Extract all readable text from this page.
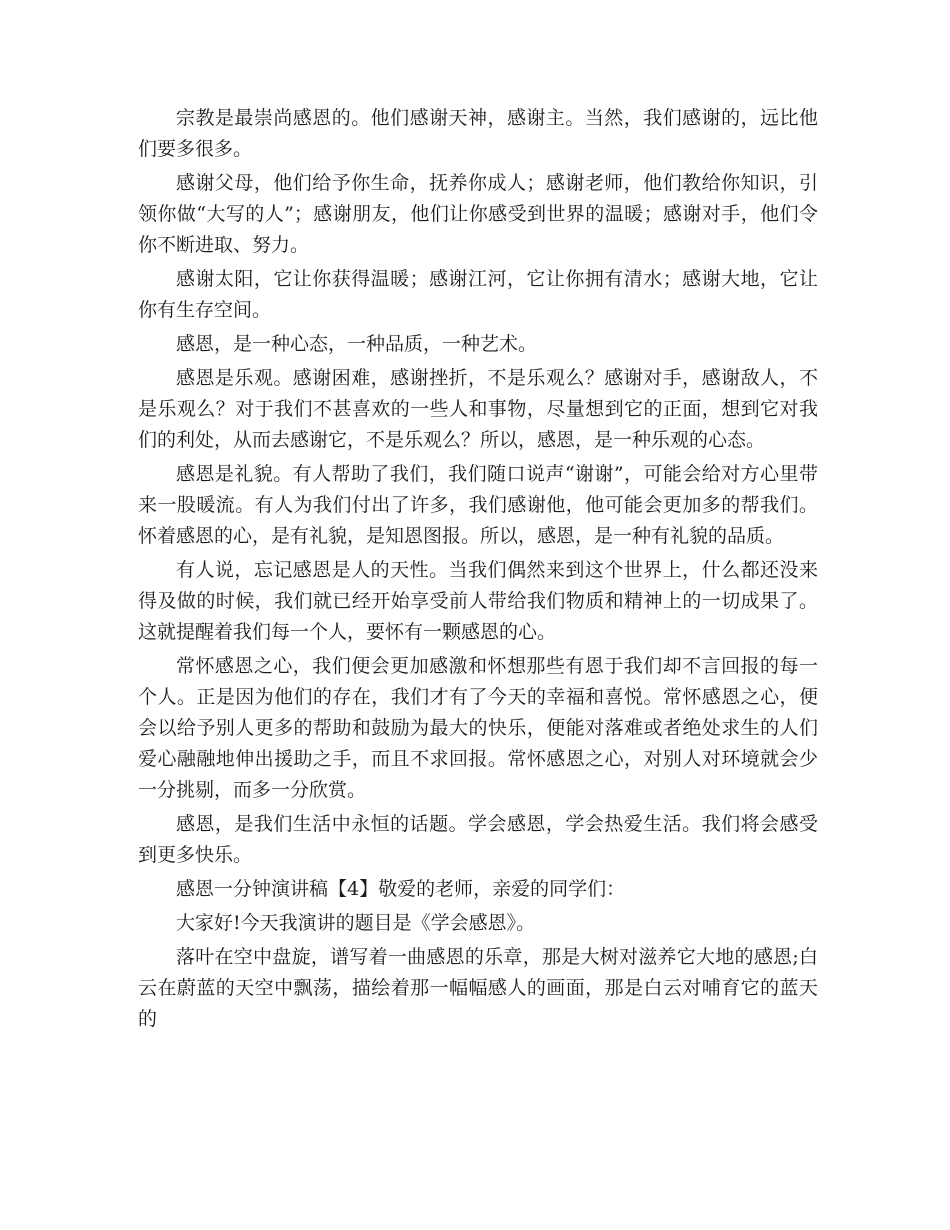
宗教是最崇尚感恩的。他们感谢天神，感谢主。当然，我们感谢的，远比他们要多很多。

感谢父母，他们给予你生命，抚养你成人；感谢老师，他们教给你知识，引领你做“大写的人”；感谢朋友，他们让你感受到世界的温暖；感谢对手，他们令你不断进取、努力。

感谢太阳，它让你获得温暖；感谢江河，它让你拥有清水；感谢大地，它让你有生存空间。

感恩，是一种心态，一种品质，一种艺术。

感恩是乐观。感谢困难，感谢挫折，不是乐观么？感谢对手，感谢敌人，不是乐观么？对于我们不甚喜欢的一些人和事物，尽量想到它的正面，想到它对我们的利处，从而去感谢它，不是乐观么？所以，感恩，是一种乐观的心态。

感恩是礼貌。有人帮助了我们，我们随口说声“谢谢”，可能会给对方心里带来一股暖流。有人为我们付出了许多，我们感谢他，他可能会更加多的帮我们。怀着感恩的心，是有礼貌，是知恩图报。所以，感恩，是一种有礼貌的品质。

有人说，忘记感恩是人的天性。当我们偶然来到这个世界上，什么都还没来得及做的时候，我们就已经开始享受前人带给我们物质和精神上的一切成果了。这就提醒着我们每一个人，要怀有一颗感恩的心。

常怀感恩之心，我们便会更加感激和怀想那些有恩于我们却不言回报的每一个人。正是因为他们的存在，我们才有了今天的幸福和喜悦。常怀感恩之心，便会以给予别人更多的帮助和鼓励为最大的快乐，便能对落难或者绝处求生的人们爱心融融地伸出援助之手，而且不求回报。常怀感恩之心，对别人对环境就会少一分挑剔，而多一分欣赏。

感恩，是我们生活中永恒的话题。学会感恩，学会热爱生活。我们将会感受到更多快乐。

感恩一分钟演讲稿【4】敬爱的老师，亲爱的同学们：

大家好!今天我演讲的题目是《学会感恩》。

落叶在空中盘旋，谱写着一曲感恩的乐章，那是大树对滋养它大地的感恩;白云在蔚蓝的天空中飘荡，描绘着那一幅幅感人的画面，那是白云对哺育它的蓝天的
